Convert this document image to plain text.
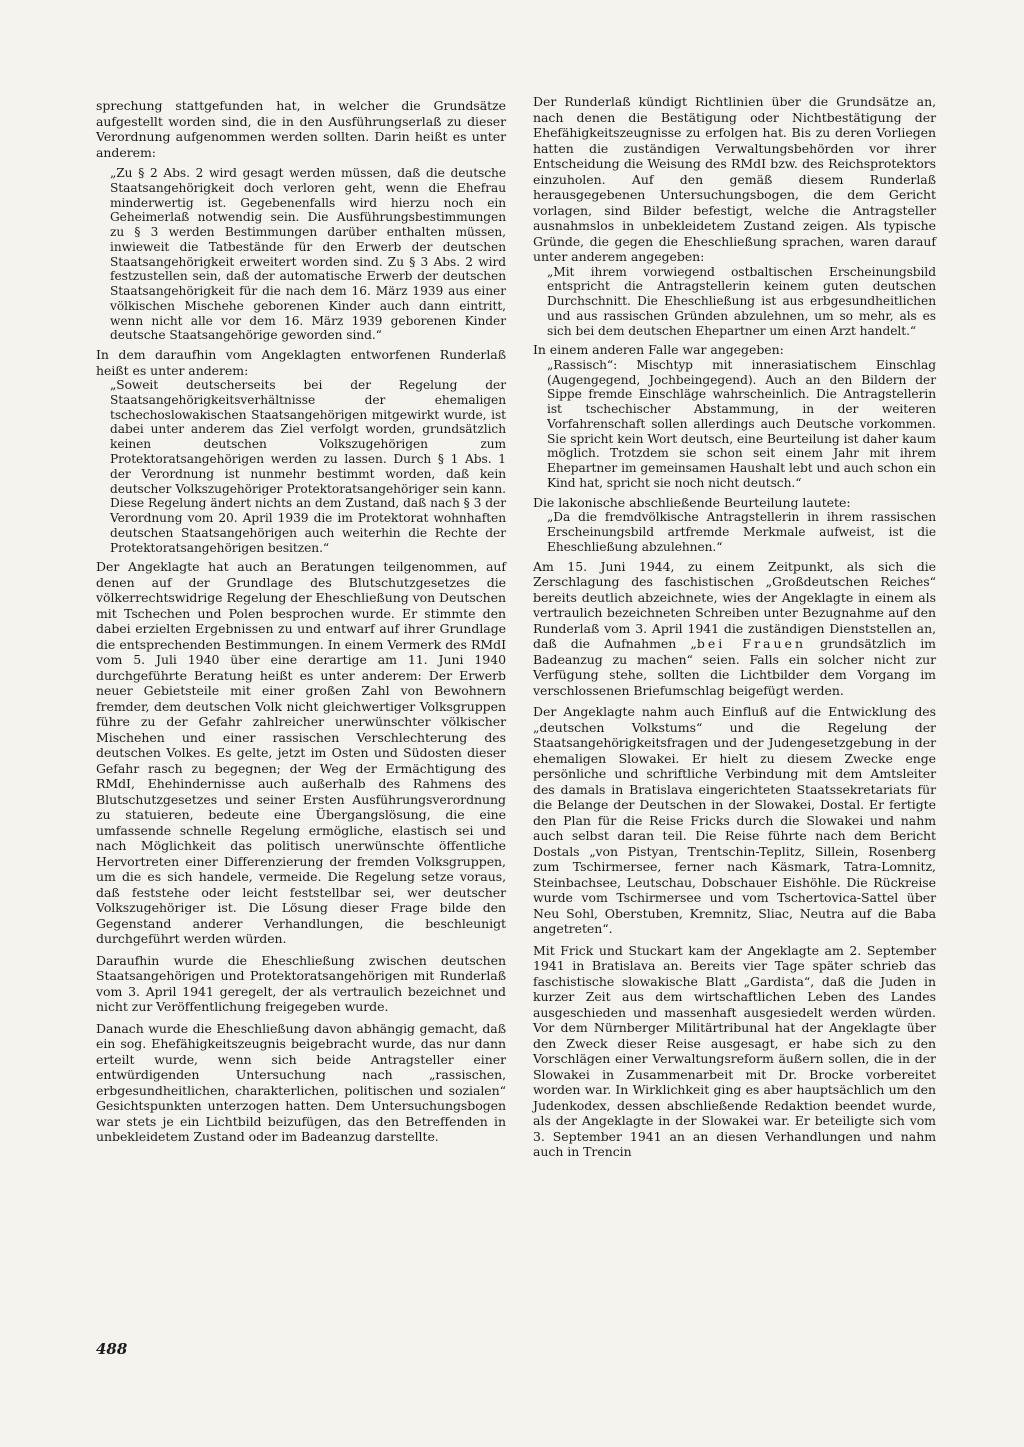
sprechung stattgefunden hat, in welcher die Grundsätze aufgestellt worden sind, die in den Ausführungserlaß zu dieser Verordnung aufgenommen werden sollten. Darin heißt es unter anderem:

„Zu § 2 Abs. 2 wird gesagt werden müssen, daß die deutsche Staatsangehörigkeit doch verloren geht, wenn die Ehefrau minderwertig ist. Gegebenenfalls wird hierzu noch ein Geheimerlaß notwendig sein. Die Ausführungsbestimmungen zu § 3 werden Bestimmungen darüber enthalten müssen, inwieweit die Tatbestände für den Erwerb der deutschen Staatsangehörigkeit erweitert worden sind. Zu § 3 Abs. 2 wird festzustellen sein, daß der automatische Erwerb der deutschen Staatsangehörigkeit für die nach dem 16. März 1939 aus einer völkischen Mischehe geborenen Kinder auch dann eintritt, wenn nicht alle vor dem 16. März 1939 geborenen Kinder deutsche Staatsangehörige geworden sind.“

In dem daraufhin vom Angeklagten entworfenen Runderlaß heißt es unter anderem:

„Soweit deutscherseits bei der Regelung der Staatsangehörigkeitsverhältnisse der ehemaligen tschechoslowakischen Staatsangehörigen mitgewirkt wurde, ist dabei unter anderem das Ziel verfolgt worden, grundsätzlich keinen deutschen Volkszugehörigen zum Protektoratsangehörigen werden zu lassen. Durch § 1 Abs. 1 der Verordnung ist nunmehr bestimmt worden, daß kein deutscher Volkszugehöriger Protektoratsangehöriger sein kann. Diese Regelung ändert nichts an dem Zustand, daß nach § 3 der Verordnung vom 20. April 1939 die im Protektorat wohnhaften deutschen Staatsangehörigen auch weiterhin die Rechte der Protektoratsangehörigen besitzen.“

Der Angeklagte hat auch an Beratungen teilgenommen, auf denen auf der Grundlage des Blutschutzgesetzes die völkerrechtswidrige Regelung der Eheschließung von Deutschen mit Tschechen und Polen besprochen wurde. Er stimmte den dabei erzielten Ergebnissen zu und entwarf auf ihrer Grundlage die entsprechenden Bestimmungen. In einem Vermerk des RMdI vom 5. Juli 1940 über eine derartige am 11. Juni 1940 durchgeführte Beratung heißt es unter anderem: Der Erwerb neuer Gebietsteile mit einer großen Zahl von Bewohnern fremder, dem deutschen Volk nicht gleichwertiger Volksgruppen führe zu der Gefahr zahlreicher unerwünschter völkischer Mischehen und einer rassischen Verschlechterung des deutschen Volkes. Es gelte, jetzt im Osten und Südosten dieser Gefahr rasch zu begegnen; der Weg der Ermächtigung des RMdI, Ehehindernisse auch außerhalb des Rahmens des Blutschutzgesetzes und seiner Ersten Ausführungsverordnung zu statuieren, bedeute eine Übergangslösung, die eine umfassende schnelle Regelung ermögliche, elastisch sei und nach Möglichkeit das politisch unerwünschte öffentliche Hervortreten einer Differenzierung der fremden Volksgruppen, um die es sich handele, vermeide. Die Regelung setze voraus, daß feststehe oder leicht feststellbar sei, wer deutscher Volkszugehöriger ist. Die Lösung dieser Frage bilde den Gegenstand anderer Verhandlungen, die beschleunigt durchgeführt werden würden.

Daraufhin wurde die Eheschließung zwischen deutschen Staatsangehörigen und Protektoratsangehörigen mit Runderlaß vom 3. April 1941 geregelt, der als vertraulich bezeichnet und nicht zur Veröffentlichung freigegeben wurde.

Danach wurde die Eheschließung davon abhängig gemacht, daß ein sog. Ehefähigkeitszeugnis beigebracht wurde, das nur dann erteilt wurde, wenn sich beide Antragsteller einer entwürdigenden Untersuchung nach „rassischen, erbgesundheitlichen, charakterlichen, politischen und sozialen“ Gesichtspunkten unterzogen hatten. Dem Untersuchungsbogen war stets je ein Lichtbild beizufügen, das den Betreffenden in unbekleidetem Zustand oder im Badeanzug darstellte.

Der Runderlaß kündigt Richtlinien über die Grundsätze an, nach denen die Bestätigung oder Nichtbestätigung der Ehefähigkeitszeugnisse zu erfolgen hat. Bis zu deren Vorliegen hatten die zuständigen Verwaltungsbehörden vor ihrer Entscheidung die Weisung des RMdI bzw. des Reichsprotektors einzuholen. Auf den gemäß diesem Runderlaß herausgegebenen Untersuchungsbogen, die dem Gericht vorlagen, sind Bilder befestigt, welche die Antragsteller ausnahmslos in unbekleidetem Zustand zeigen. Als typische Gründe, die gegen die Eheschließung sprachen, waren darauf unter anderem angegeben:

„Mit ihrem vorwiegend ostbaltischen Erscheinungsbild entspricht die Antragstellerin keinem guten deutschen Durchschnitt. Die Eheschließung ist aus erbgesundheitlichen und aus rassischen Gründen abzulehnen, um so mehr, als es sich bei dem deutschen Ehepartner um einen Arzt handelt.“

In einem anderen Falle war angegeben:

„Rassisch“: Mischtyp mit innerasiatischem Einschlag (Augengegend, Jochbeingegend). Auch an den Bildern der Sippe fremde Einschläge wahrscheinlich. Die Antragstellerin ist tschechischer Abstammung, in der weiteren Vorfahrenschaft sollen allerdings auch Deutsche vorkommen. Sie spricht kein Wort deutsch, eine Beurteilung ist daher kaum möglich. Trotzdem sie schon seit einem Jahr mit ihrem Ehepartner im gemeinsamen Haushalt lebt und auch schon ein Kind hat, spricht sie noch nicht deutsch.“

Die lakonische abschließende Beurteilung lautete:

„Da die fremdvölkische Antragstellerin in ihrem rassischen Erscheinungsbild artfremde Merkmale aufweist, ist die Eheschließung abzulehnen.“

Am 15. Juni 1944, zu einem Zeitpunkt, als sich die Zerschlagung des faschistischen „Großdeutschen Reiches“ bereits deutlich abzeichnete, wies der Angeklagte in einem als vertraulich bezeichneten Schreiben unter Bezugnahme auf den Runderlaß vom 3. April 1941 die zuständigen Dienststellen an, daß die Aufnahmen „bei Frauen grundsätzlich im Badeanzug zu machen“ seien. Falls ein solcher nicht zur Verfügung stehe, sollten die Lichtbilder dem Vorgang im verschlossenen Briefumschlag beigefügt werden.

Der Angeklagte nahm auch Einfluß auf die Entwicklung des „deutschen Volkstums“ und die Regelung der Staatsangehörigkeitsfragen und der Judengesetzgebung in der ehemaligen Slowakei. Er hielt zu diesem Zwecke enge persönliche und schriftliche Verbindung mit dem Amtsleiter des damals in Bratislava eingerichteten Staatssekretariats für die Belange der Deutschen in der Slowakei, Dostal. Er fertigte den Plan für die Reise Fricks durch die Slowakei und nahm auch selbst daran teil. Die Reise führte nach dem Bericht Dostals „von Pistyan, Trentschin-Teplitz, Sillein, Rosenberg zum Tschirmersee, ferner nach Käsmark, Tatra-Lomnitz, Steinbachsee, Leutschau, Dobschauer Eishöhle. Die Rückreise wurde vom Tschirmersee und vom Tschertovica-Sattel über Neu Sohl, Oberstuben, Kremnitz, Sliac, Neutra auf die Baba angetreten“.

Mit Frick und Stuckart kam der Angeklagte am 2. September 1941 in Bratislava an. Bereits vier Tage später schrieb das faschistische slowakische Blatt „Gardista“, daß die Juden in kurzer Zeit aus dem wirtschaftlichen Leben des Landes ausgeschieden und massenhaft ausgesiedelt werden würden. Vor dem Nürnberger Militärtribunal hat der Angeklagte über den Zweck dieser Reise ausgesagt, er habe sich zu den Vorschlägen einer Verwaltungsreform äußern sollen, die in der Slowakei in Zusammenarbeit mit Dr. Brocke vorbereitet worden war. In Wirklichkeit ging es aber hauptsächlich um den Judenkodex, dessen abschließende Redaktion beendet wurde, als der Angeklagte in der Slowakei war. Er beteiligte sich vom 3. September 1941 an an diesen Verhandlungen und nahm auch in Trencin

488
